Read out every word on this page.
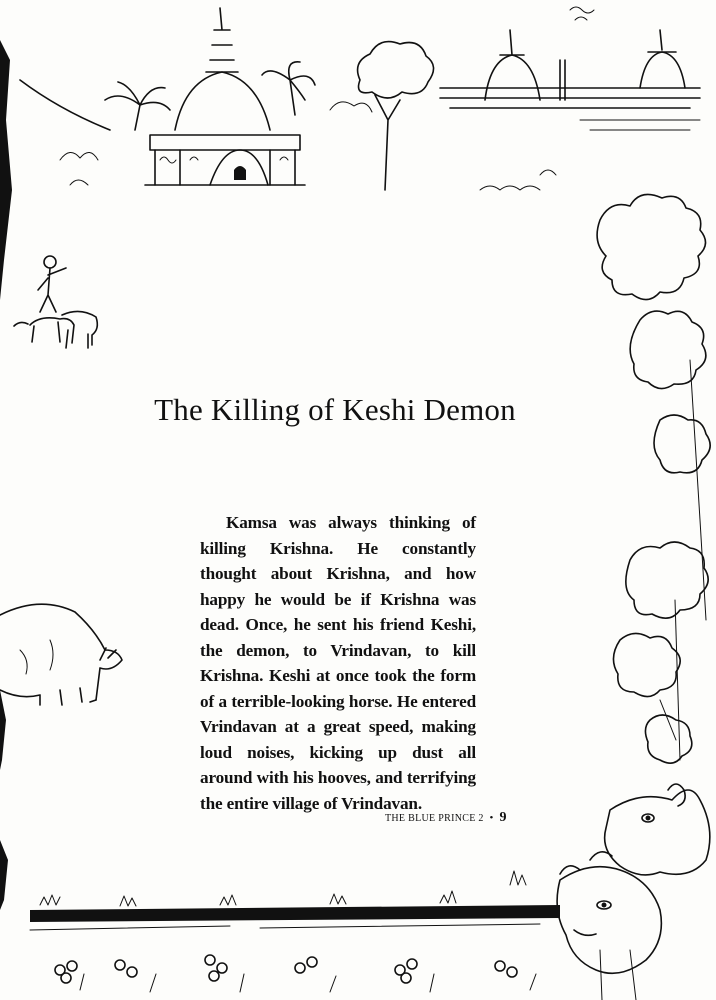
The Killing of Keshi Demon

Kamsa was always thinking of killing Krishna. He constantly thought about Krishna, and how happy he would be if Krishna was dead. Once, he sent his friend Keshi, the demon, to Vrindavan, to kill Krishna. Keshi at once took the form of a terrible-looking horse. He entered Vrindavan at a great speed, making loud noises, kicking up dust all around with his hooves, and terrifying the entire village of Vrindavan.

THE BLUE PRINCE 2 • 9
